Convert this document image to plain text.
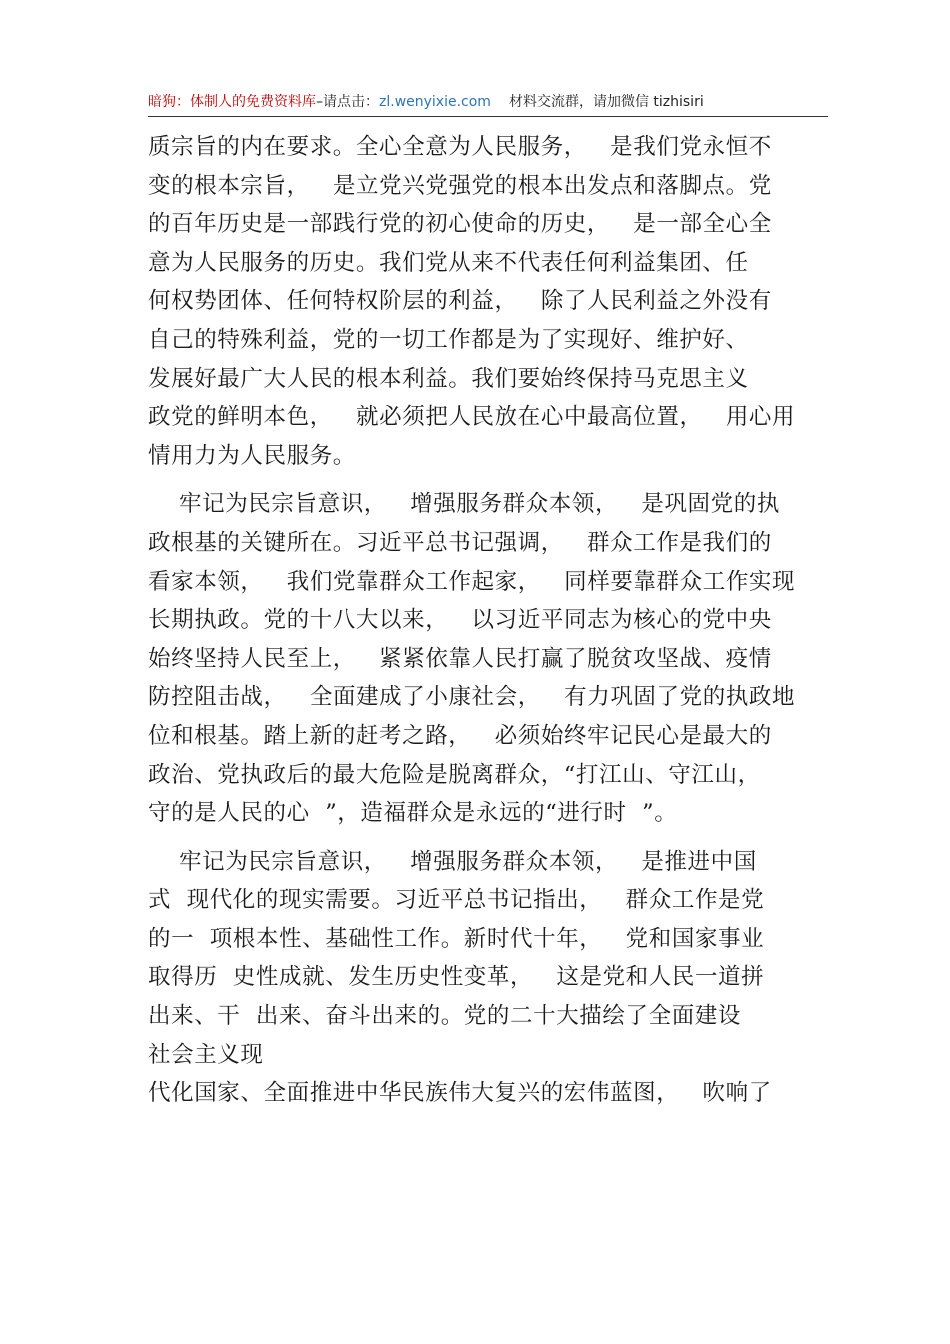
暗狗：体制人的免费资料库–请点击：zl.wenyixie.com 材料交流群，请加微信 tizhisiri
质宗旨的内在要求。全心全意为人民服务，   是我们党永恒不
变的根本宗旨，   是立党兴党强党的根本出发点和落脚点。党
的百年历史是一部践行党的初心使命的历史，   是一部全心全
意为人民服务的历史。我们党从来不代表任何利益集团、任
何权势团体、任何特权阶层的利益，   除了人民利益之外没有
自己的特殊利益，党的一切工作都是为了实现好、维护好、
发展好最广大人民的根本利益。我们要始终保持马克思主义
政党的鲜明本色，   就必须把人民放在心中最高位置，   用心用
情用力为人民服务。
牢记为民宗旨意识，   增强服务群众本领，   是巩固党的执
政根基的关键所在。习近平总书记强调，   群众工作是我们的
看家本领，   我们党靠群众工作起家，   同样要靠群众工作实现
长期执政。党的十八大以来，   以习近平同志为核心的党中央
始终坚持人民至上，   紧紧依靠人民打赢了脱贫攻坚战、疫情
防控阻击战，   全面建成了小康社会，   有力巩固了党的执政地
位和根基。踏上新的赶考之路，   必须始终牢记民心是最大的
政治、党执政后的最大危险是脱离群众，“打江山、守江山，
守的是人民的心  ”，造福群众是永远的“进行时  ”。
牢记为民宗旨意识，   增强服务群众本领，   是推进中国
式  现代化的现实需要。习近平总书记指出，   群众工作是党
的一  项根本性、基础性工作。新时代十年，   党和国家事业
取得历  史性成就、发生历史性变革，   这是党和人民一道拼
出来、干  出来、奋斗出来的。党的二十大描绘了全面建设
社会主义现
代化国家、全面推进中华民族伟大复兴的宏伟蓝图，   吹响了
